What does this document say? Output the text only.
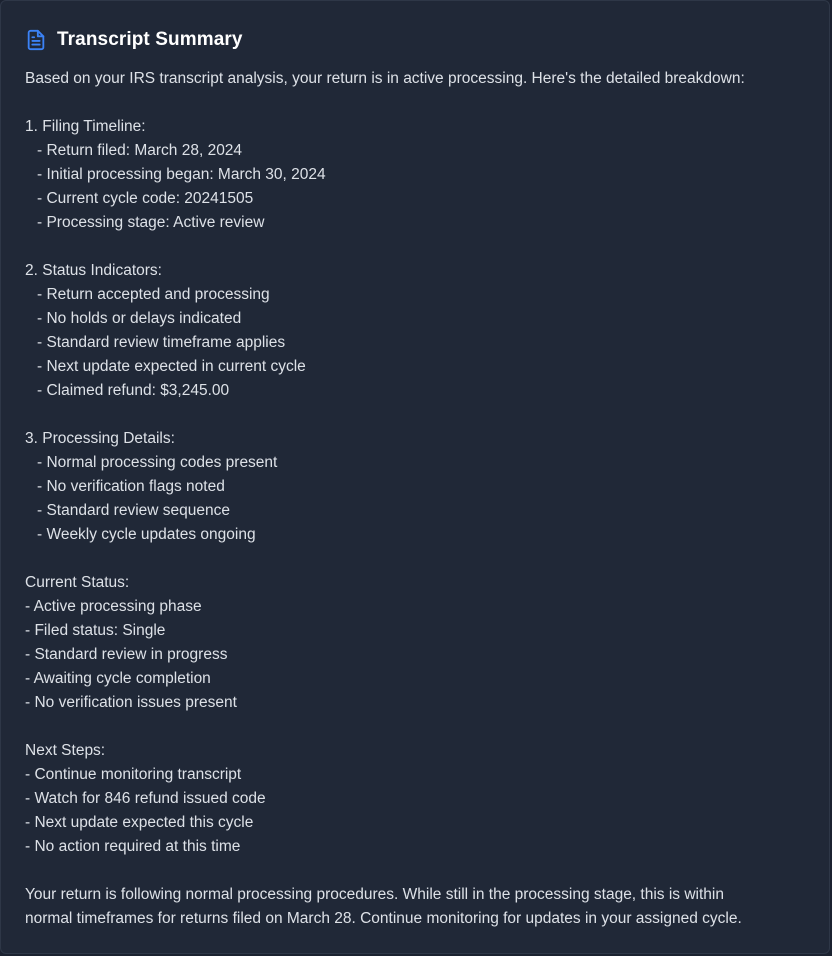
Transcript Summary
Based on your IRS transcript analysis, your return is in active processing. Here's the detailed breakdown:
1. Filing Timeline:
- Return filed: March 28, 2024
- Initial processing began: March 30, 2024
- Current cycle code: 20241505
- Processing stage: Active review
2. Status Indicators:
- Return accepted and processing
- No holds or delays indicated
- Standard review timeframe applies
- Next update expected in current cycle
- Claimed refund: $3,245.00
3. Processing Details:
- Normal processing codes present
- No verification flags noted
- Standard review sequence
- Weekly cycle updates ongoing
Current Status:
- Active processing phase
- Filed status: Single
- Standard review in progress
- Awaiting cycle completion
- No verification issues present
Next Steps:
- Continue monitoring transcript
- Watch for 846 refund issued code
- Next update expected this cycle
- No action required at this time
Your return is following normal processing procedures. While still in the processing stage, this is within
normal timeframes for returns filed on March 28. Continue monitoring for updates in your assigned cycle.
